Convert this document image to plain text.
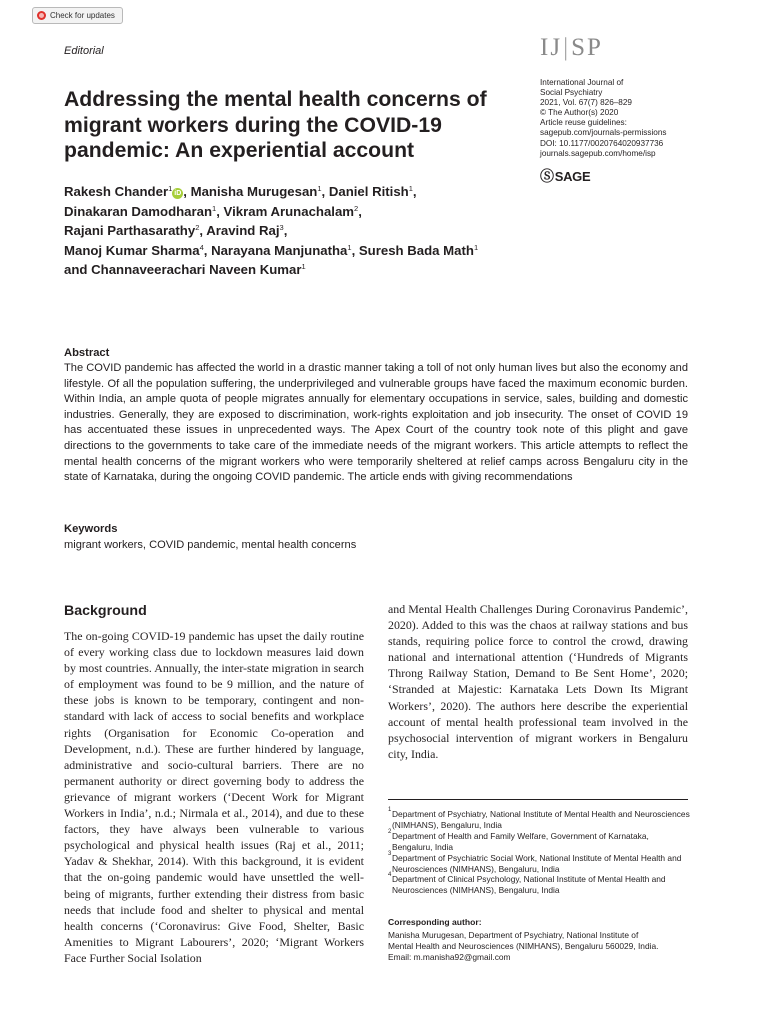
Check for updates
Editorial	IJ|SP
International Journal of
Social Psychiatry
2021, Vol. 67(7) 826–829
© The Author(s) 2020
Article reuse guidelines:
sagepub.com/journals-permissions
DOI: 10.1177/0020764020937736
journals.sagepub.com/home/isp
Ⓢ SAGE
Addressing the mental health concerns of migrant workers during the COVID-19 pandemic: An experiential account
Rakesh Chander$^1$iD , Manisha Murugesan$^1$, Daniel Ritish$^1$,
Dinakaran Damodharan$^1$, Vikram Arunachalam$^2$,
Rajani Parthasarathy$^2$, Aravind Raj$^3$,
Manoj Kumar Sharma$^4$, Narayana Manjunatha$^1$, Suresh Bada Math$^1$
and Channaveerachari Naveen Kumar$^1$
Abstract
The COVID pandemic has affected the world in a drastic manner taking a toll of not only human lives but also the economy and lifestyle. Of all the population suffering, the underprivileged and vulnerable groups have faced the maximum economic burden. Within India, an ample quota of people migrates annually for elementary occupations in service, sales, building and domestic industries. Generally, they are exposed to discrimination, work-rights exploitation and job insecurity. The onset of COVID 19 has accentuated these issues in unprecedented ways. The Apex Court of the country took note of this plight and gave directions to the governments to take care of the immediate needs of the migrant workers. This article attempts to reflect the mental health concerns of the migrant workers who were temporarily sheltered at relief camps across Bengaluru city in the state of Karnataka, during the ongoing COVID pandemic. The article ends with giving recommendations
Keywords
migrant workers, COVID pandemic, mental health concerns
Background
The on-going COVID-19 pandemic has upset the daily routine of every working class due to lockdown measures laid down by most countries. Annually, the inter-state migration in search of employment was found to be 9 million, and the nature of these jobs is known to be temporary, contingent and non-standard with lack of access to social benefits and workplace rights (Organisation for Economic Co-operation and Development, n.d.). These are further hindered by language, administrative and socio-cultural barriers. There are no permanent authority or direct governing body to address the grievance of migrant workers (‘Decent Work for Migrant Workers in India’, n.d.; Nirmala et al., 2014), and due to these factors, they have always been vulnerable to various psychological and physical health issues (Raj et al., 2011; Yadav & Shekhar, 2014). With this background, it is evident that the on-going pandemic would have unsettled the well-being of migrants, further extending their distress from basic needs that include food and shelter to physical and mental health concerns (‘Coronavirus: Give Food, Shelter, Basic Amenities to Migrant Labourers’, 2020; ‘Migrant Workers Face Further Social Isolation
and Mental Health Challenges During Coronavirus Pandemic’, 2020). Added to this was the chaos at railway stations and bus stands, requiring police force to control the crowd, drawing national and international attention (‘Hundreds of Migrants Throng Railway Station, Demand to Be Sent Home’, 2020; ‘Stranded at Majestic: Karnataka Lets Down Its Migrant Workers’, 2020). The authors here describe the experiential account of mental health professional team involved in the psychosocial intervention of migrant workers in Bengaluru city, India.
1 Department of Psychiatry, National Institute of Mental Health and Neurosciences (NIMHANS), Bengaluru, India
2 Department of Health and Family Welfare, Government of Karnataka, Bengaluru, India
3 Department of Psychiatric Social Work, National Institute of Mental Health and Neurosciences (NIMHANS), Bengaluru, India
4 Department of Clinical Psychology, National Institute of Mental Health and Neurosciences (NIMHANS), Bengaluru, India
Corresponding author:
Manisha Murugesan, Department of Psychiatry, National Institute of
Mental Health and Neurosciences (NIMHANS), Bengaluru 560029, India.
Email: m.manisha92@gmail.com
